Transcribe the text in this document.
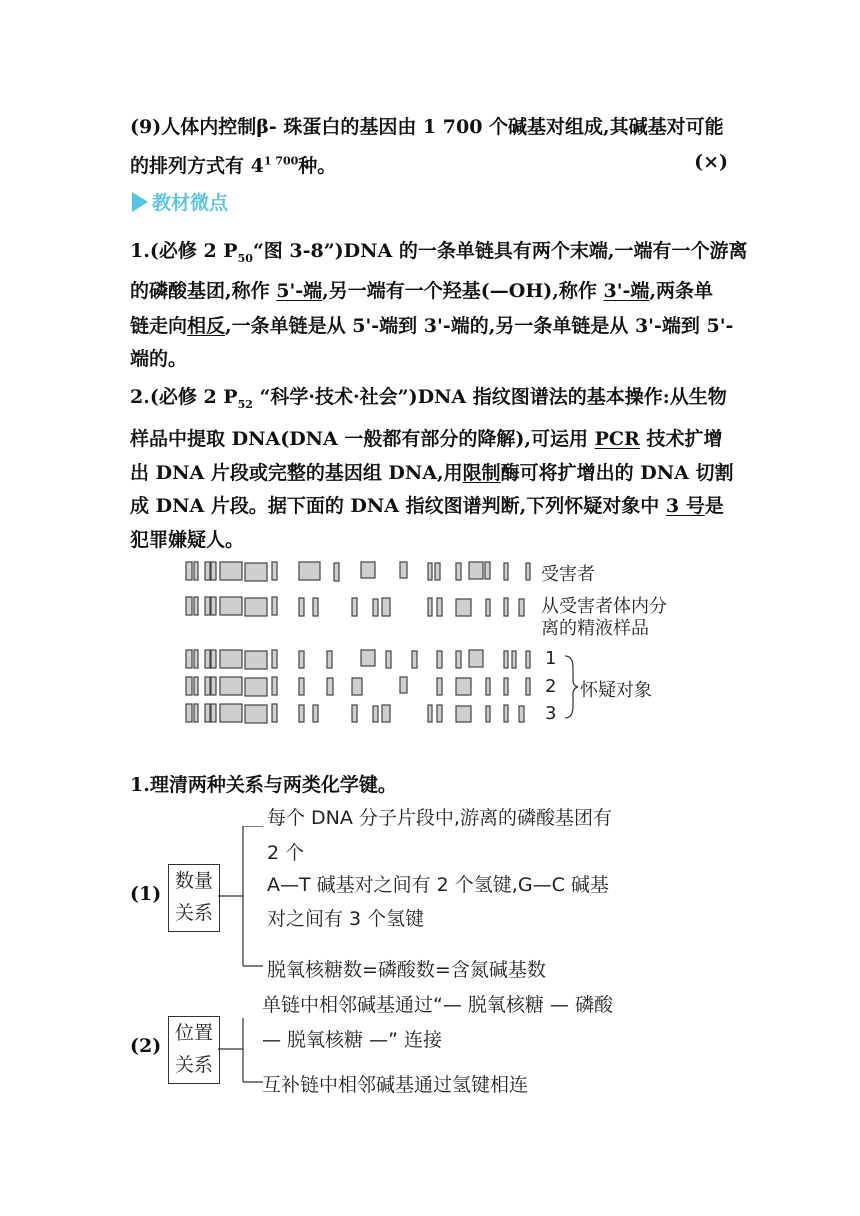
(9)人体内控制β- 珠蛋白的基因由 1 700 个碱基对组成,其碱基对可能
的排列方式有 $4^{1 700}$种。	(×)
教材微点
1.(必修 2 $P_{50}“$图 3-8”)DNA 的一条单链具有两个末端,一端有一个游离
的磷酸基团,称作 5'-端,另一端有一个羟基(—OH),称作 3'-端,两条单
链走向相反,一条单链是从 5'-端到 3'-端的,另一条单链是从 3'-端到 5'-
端的。
2.(必修 2 $P_{52}$ “科学·技术·社会”)DNA 指纹图谱法的基本操作:从生物
样品中提取 DNA(DNA 一般都有部分的降解),可运用 PCR 技术扩增
出 DNA 片段或完整的基因组 DNA,用限制酶可将扩增出的 DNA 切割
成 DNA 片段。据下面的 DNA 指纹图谱判断,下列怀疑对象中 3 号是
犯罪嫌疑人。
受害者
从受害者体内分
离的精液样品
1
2
3
怀疑对象
1.理清两种关系与两类化学键。
(1)
数量
关系
每个 DNA 分子片段中,游离的磷酸基团有
2 个
A—T 碱基对之间有 2 个氢键,G—C 碱基
对之间有 3 个氢键
脱氧核糖数=磷酸数=含氮碱基数
(2)
位置
关系
单链中相邻碱基通过“— 脱氧核糖 — 磷酸
— 脱氧核糖 —” 连接
互补链中相邻碱基通过氢键相连
